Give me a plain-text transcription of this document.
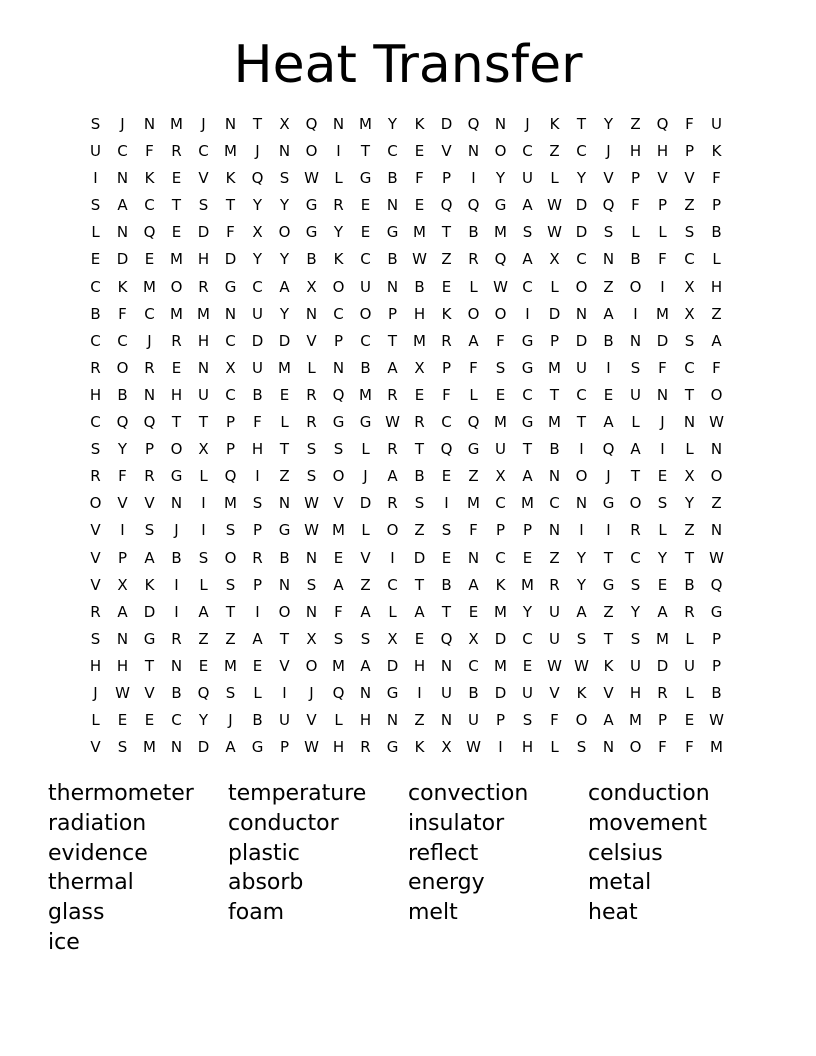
Heat Transfer
S	J	N M	J	N	T	X	Q	N M	Y	K	D	Q	N	J	K	T	Y	Z	Q	F	U
U	C	F	R	C	M	J	N	O	I	T	C	E	V	N	O	C	Z	C	J	H	H	P	K
I	N	K	E	V	K	Q	S W	L	G	B	F	P	I	Y	U	L	Y	V	P	V	V	F
S	A	C	T	S	T	Y	Y	G	R	E	N	E	Q	Q	G	A W D	Q	F	P	Z	P
L	N	Q	E	D	F	X	O	G	Y	E	G M	T	B	M	S W D	S	L	L	S	B
E	D	E	M H	D	Y	Y	B	K	C	B W Z	R	Q	A	X	C	N	B	F	C	L
C	K	M O	R	G	C	A	X	O	U	N	B	E	L	W C	L	O	Z	O	I	X	H
B	F	C	M M N	U	Y	N	C	O	P	H	K	O	O	I	D	N	A	I	M	X	Z
C	C	J	R	H	C	D	D	V	P	C	T	M	R	A	F	G	P	D	B	N	D	S	A
R	O	R	E	N	X	U	M	L	N	B	A	X	P	F	S	G M	U	I	S	F	C	F
H	B	N	H	U	C	B	E	R	Q M	R	E	F	L	E	C	T	C	E	U	N	T	O
C	Q	Q	T	T	P	F	L	R	G	G W R	C	Q M G M	T	A	L	J	N W
S	Y	P	O	X	P	H	T	S	S	L	R	T	Q	G	U	T	B	I	Q	A	I	L	N
R	F	R	G	L	Q	I	Z	S	O	J	A	B	E	Z	X	A	N	O	J	T	E	X	O
O	V	V	N	I	M	S	N W V	D	R	S	I	M	C	M	C	N	G	O	S	Y	Z
V	I	S	J	I	S	P	G W M	L	O	Z	S	F	P	P	N	I	I	R	L	Z	N
V	P	A	B	S	O	R	B	N	E	V	I	D	E	N	C	E	Z	Y	T	C	Y	T	W
V	X	K	I	L	S	P	N	S	A	Z	C	T	B	A	K	M	R	Y	G	S	E	B	Q
R	A	D	I	A	T	I	O	N	F	A	L	A	T	E	M	Y	U	A	Z	Y	A	R	G
S	N	G	R	Z	Z	A	T	X	S	S	X	E	Q	X	D	C	U	S	T	S	M	L	P
H	H	T	N	E	M	E	V	O M	A	D	H	N	C	M	E W W K	U	D	U	P
J	W V	B	Q	S	L	I	J	Q	N	G	I	U	B	D	U	V	K	V	H	R	L	B
L	E	E	C	Y	J	B	U	V	L	H	N	Z	N	U	P	S	F	O	A	M	P	E W
V	S	M N	D	A	G	P	W H	R	G	K	X W	I	H	L	S	N	O	F	F	M
thermometer	temperature	convection	conduction
radiation	conductor	insulator	movement
evidence	plastic	reflect	celsius
thermal	absorb	energy	metal
glass	foam	melt	heat
ice
